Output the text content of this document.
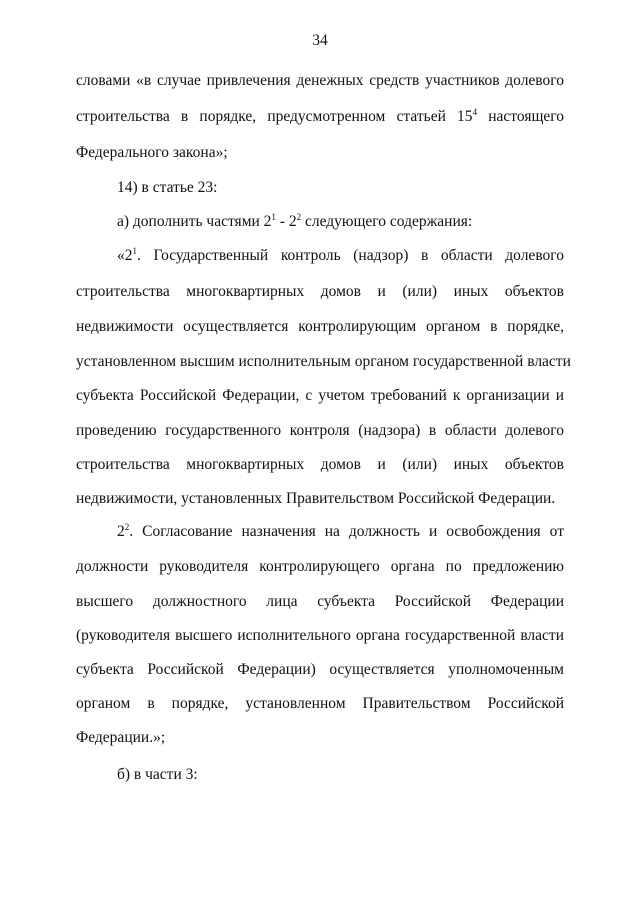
34
словами «в случае привлечения денежных средств участников долевого
строительства в порядке, предусмотренном статьей $15^4$ настоящего
Федерального закона»;
14) в статье 23:
а) дополнить частями $2^1 - 2^2$ следующего содержания:
«$2^1$. Государственный контроль (надзор) в области долевого
строительства многоквартирных домов и (или) иных объектов
недвижимости осуществляется контролирующим органом в порядке,
установленном высшим исполнительным органом государственной власти
субъекта Российской Федерации, с учетом требований к организации и
проведению государственного контроля (надзора) в области долевого
строительства многоквартирных домов и (или) иных объектов
недвижимости, установленных Правительством Российской Федерации.
$2^2$. Согласование назначения на должность и освобождения от
должности руководителя контролирующего органа по предложению
высшего должностного лица субъекта Российской Федерации
(руководителя высшего исполнительного органа государственной власти
субъекта Российской Федерации) осуществляется уполномоченным
органом в порядке, установленном Правительством Российской
Федерации.»;
б) в части 3:
